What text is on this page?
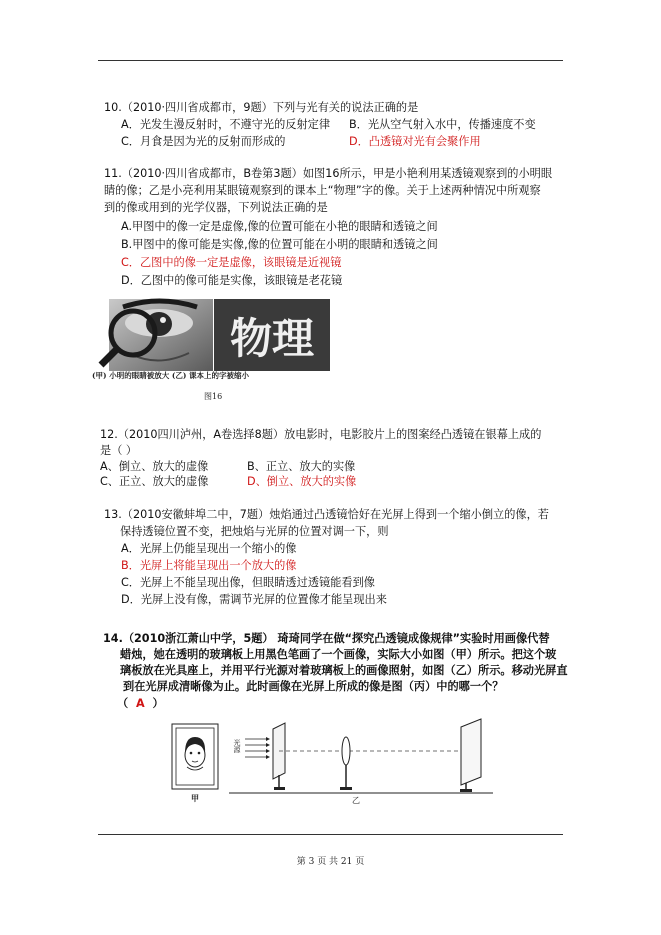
10.（2010·四川省成都市，9题）下列与光有关的说法正确的是
A．光发生漫反射时，不遵守光的反射定律 B．光从空气射入水中，传播速度不变
C．月食是因为光的反射而形成的	D．凸透镜对光有会聚作用
11.（2010·四川省成都市，B卷第3题）如图16所示，甲是小艳利用某透镜观察到的小明眼
睛的像；乙是小亮利用某眼镜观察到的课本上“物理”字的像。关于上述两种情况中所观察
到的像或用到的光学仪器，下列说法正确的是
A.甲图中的像一定是虚像,像的位置可能在小艳的眼睛和透镜之间
B.甲图中的像可能是实像,像的位置可能在小明的眼睛和透镜之间
C．乙图中的像一定是虚像，该眼镜是近视镜
D．乙图中的像可能是实像，该眼镜是老花镜
物理
(甲) 小明的眼睛被放大 (乙) 课本上的字被缩小
图16
12.（2010四川泸州，A卷选择8题）放电影时，电影胶片上的图案经凸透镜在银幕上成的
是（ ）
A、倒立、放大的虚像	B、正立、放大的实像
C、正立、放大的虚像	D、倒立、放大的实像
13.（2010安徽蚌埠二中，7题）烛焰通过凸透镜恰好在光屏上得到一个缩小倒立的像，若
保持透镜位置不变，把烛焰与光屏的位置对调一下，则
A．光屏上仍能呈现出一个缩小的像
B．光屏上将能呈现出一个放大的像
C．光屏上不能呈现出像，但眼睛透过透镜能看到像
D．光屏上没有像，需调节光屏的位置像才能呈现出来
14.（2010浙江萧山中学，5题） 琦琦同学在做“探究凸透镜成像规律”实验时用画像代替
蜡烛，她在透明的玻璃板上用黑色笔画了一个画像，实际大小如图（甲）所示。把这个玻
璃板放在光具座上，并用平行光源对着玻璃板上的画像照射，如图（乙）所示。移动光屏直
到在光屏成清晰像为止。此时画像在光屏上所成的像是图（丙）中的哪一个？
（ A ）
甲
光源
乙
第 3 页 共 21 页
